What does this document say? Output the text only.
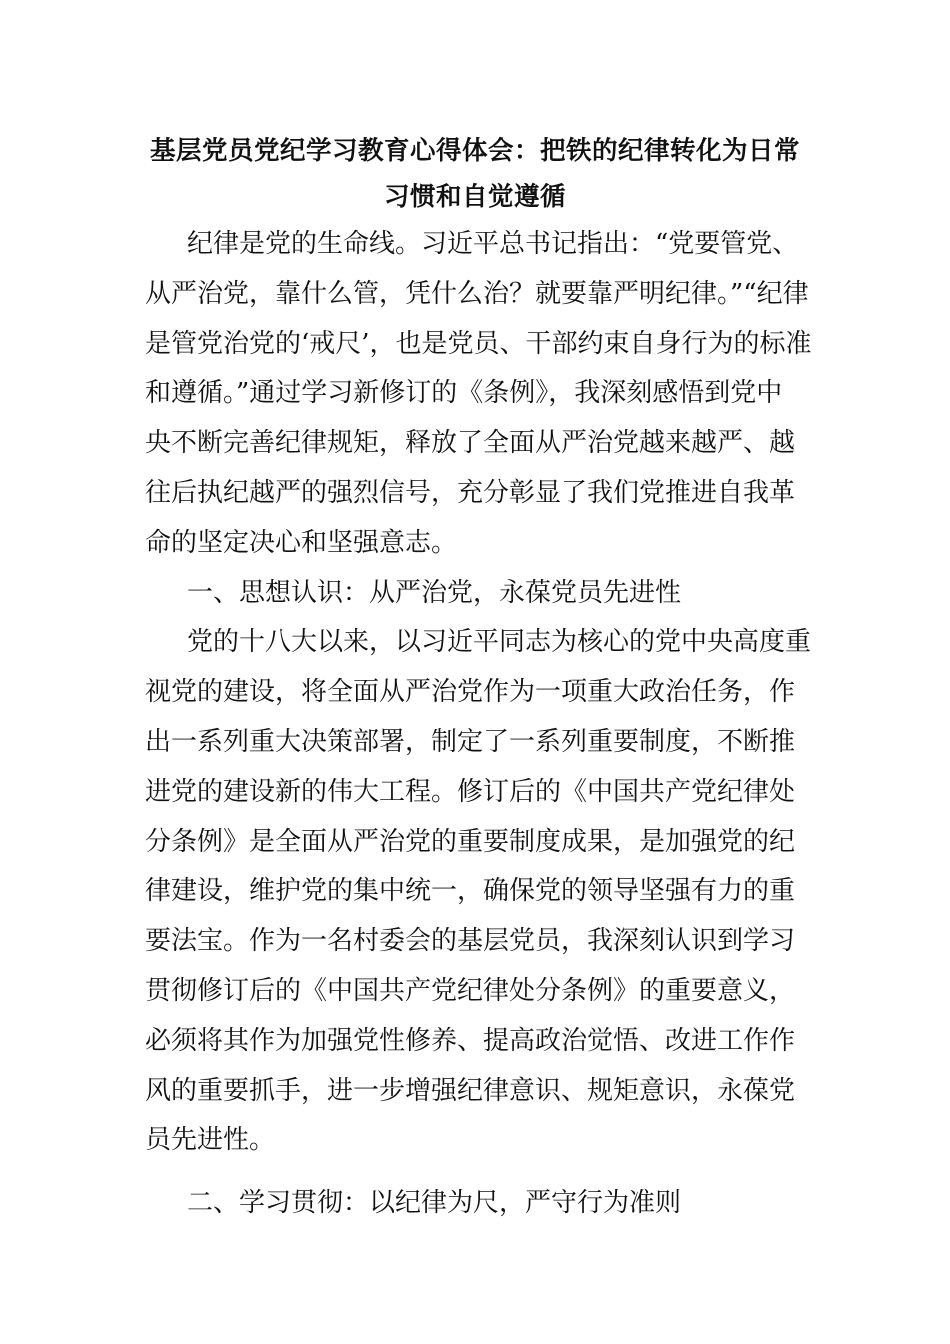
基层党员党纪学习教育心得体会：把铁的纪律转化为日常
习惯和自觉遵循
纪律是党的生命线。习近平总书记指出：“党要管党、
从严治党，靠什么管，凭什么治？就要靠严明纪律。”“纪律
是管党治党的‘戒尺’，也是党员、干部约束自身行为的标准
和遵循。”通过学习新修订的《条例》，我深刻感悟到党中
央不断完善纪律规矩，释放了全面从严治党越来越严、越
往后执纪越严的强烈信号，充分彰显了我们党推进自我革
命的坚定决心和坚强意志。
一、思想认识：从严治党，永葆党员先进性
党的十八大以来，以习近平同志为核心的党中央高度重
视党的建设，将全面从严治党作为一项重大政治任务，作
出一系列重大决策部署，制定了一系列重要制度，不断推
进党的建设新的伟大工程。修订后的《中国共产党纪律处
分条例》是全面从严治党的重要制度成果，是加强党的纪
律建设，维护党的集中统一，确保党的领导坚强有力的重
要法宝。作为一名村委会的基层党员，我深刻认识到学习
贯彻修订后的《中国共产党纪律处分条例》的重要意义，
必须将其作为加强党性修养、提高政治觉悟、改进工作作
风的重要抓手，进一步增强纪律意识、规矩意识，永葆党
员先进性。
二、学习贯彻：以纪律为尺，严守行为准则
